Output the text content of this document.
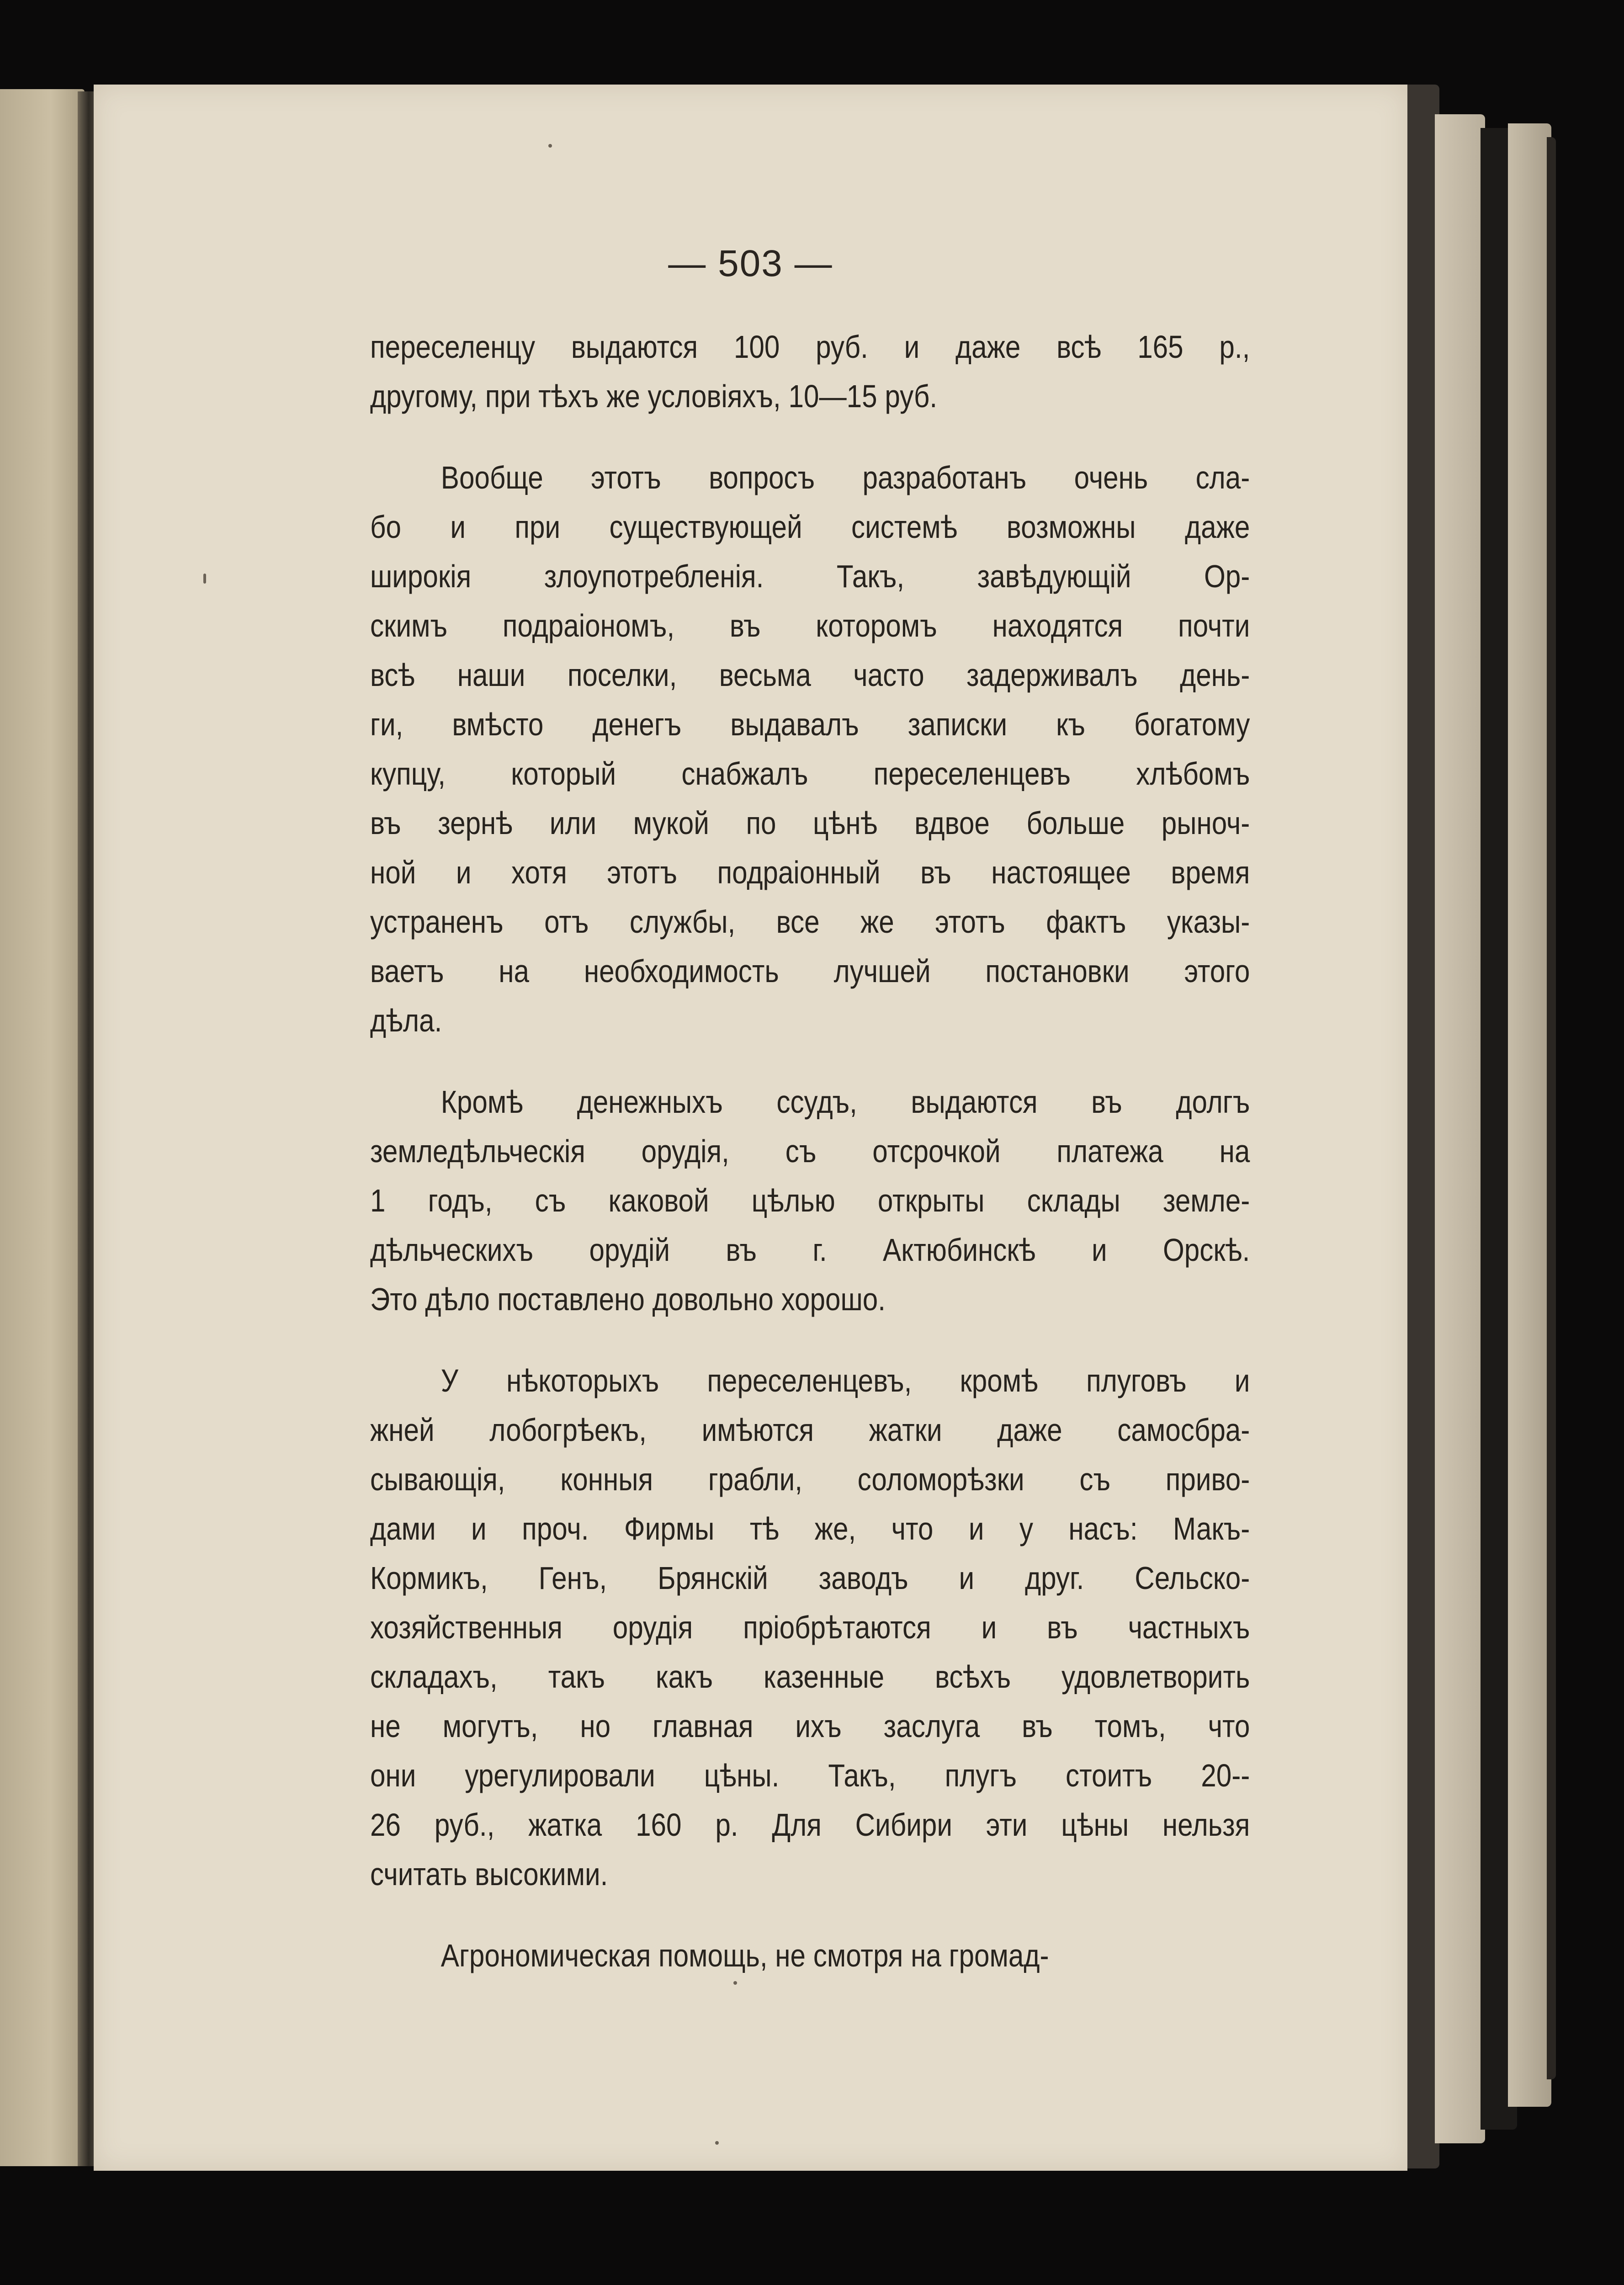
— 503 —
переселенцу выдаются 100 руб. и даже всѣ 165 р.,
другому, при тѣхъ же условіяхъ, 10—15 руб.
Вообще этотъ вопросъ разработанъ очень сла-
бо и при существующей системѣ возможны даже
широкія злоупотребленія. Такъ, завѣдующій Ор-
скимъ подраіономъ, въ которомъ находятся почти
всѣ наши поселки, весьма часто задерживалъ день-
ги, вмѣсто денегъ выдавалъ записки къ богатому
купцу, который снабжалъ переселенцевъ хлѣбомъ
въ зернѣ или мукой по цѣнѣ вдвое больше рыноч-
ной и хотя этотъ подраіонный въ настоящее время
устраненъ отъ службы, все же этотъ фактъ указы-
ваетъ на необходимость лучшей постановки этого
дѣла.
Кромѣ денежныхъ ссудъ, выдаются въ долгъ
земледѣльческія орудія, съ отсрочкой платежа на
1 годъ, съ каковой цѣлью открыты склады земле-
дѣльческихъ орудій въ г. Актюбинскѣ и Орскѣ.
Это дѣло поставлено довольно хорошо.
У нѣкоторыхъ переселенцевъ, кромѣ плуговъ и
жней лобогрѣекъ, имѣются жатки даже самосбра-
сывающія, конныя грабли, соломорѣзки съ приво-
дами и проч. Фирмы тѣ же, что и у насъ: Макъ-
Кормикъ, Генъ, Брянскій заводъ и друг. Сельско-
хозяйственныя орудія пріобрѣтаются и въ частныхъ
складахъ, такъ какъ казенные всѣхъ удовлетворить
не могутъ, но главная ихъ заслуга въ томъ, что
они урегулировали цѣны. Такъ, плугъ стоитъ 20--
26 руб., жатка 160 р. Для Сибири эти цѣны нельзя
считать высокими.
Агрономическая помощь, не смотря на громад-
